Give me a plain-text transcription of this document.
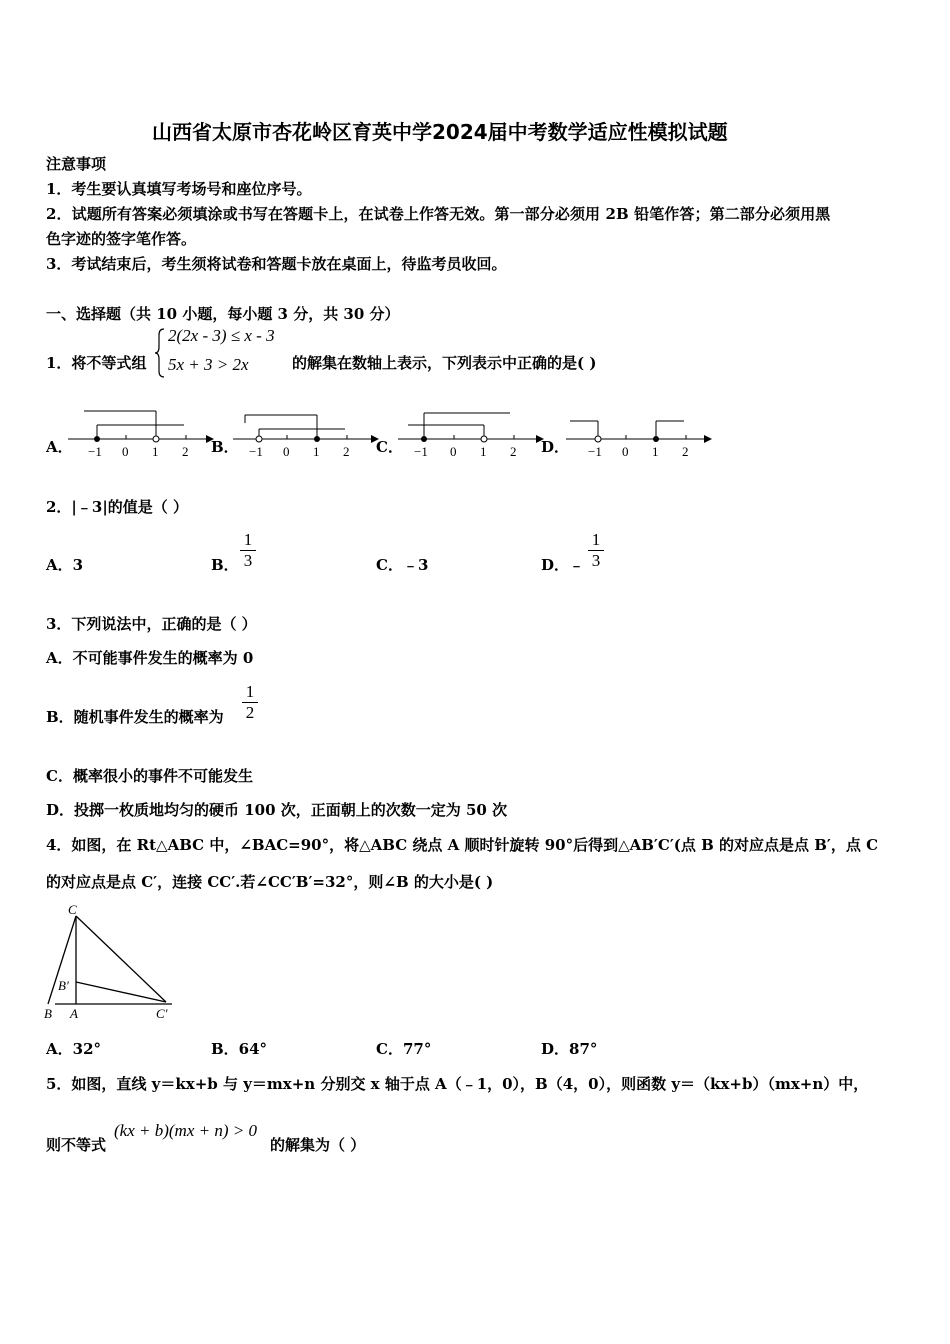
山西省太原市杏花岭区育英中学2024届中考数学适应性模拟试题
注意事项
1．考生要认真填写考场号和座位序号。
2．试题所有答案必须填涂或书写在答题卡上，在试卷上作答无效。第一部分必须用 2B 铅笔作答；第二部分必须用黑
色字迹的签字笔作答。
3．考试结束后，考生须将试卷和答题卡放在桌面上，待监考员收回。
一、选择题（共 10 小题，每小题 3 分，共 30 分）
1．将不等式组
2(2x - 3) ≤ x - 3
5x + 3 > 2x	的解集在数轴上表示，下列表示中正确的是( )
A． −1 0 1 2 B． −1 0 1 2 C． −1 0 1 2 D． −1 0 1 2
2．|﹣3|的值是（ ）
A．3	B．
1
3	C．﹣3	D．﹣
1
3
3．下列说法中，正确的是（ ）
A．不可能事件发生的概率为 0
B．随机事件发生的概率为
1
2
C．概率很小的事件不可能发生
D．投掷一枚质地均匀的硬币 100 次，正面朝上的次数一定为 50 次
4．如图，在 Rt△ABC 中，∠BAC=90°，将△ABC 绕点 A 顺时针旋转 90°后得到△AB′C′(点 B 的对应点是点 B′，点 C
的对应点是点 C′，连接 CC′.若∠CC′B′=32°，则∠B 的大小是( )
C
B′
B A	C′
A．32°	B．64°	C．77°	D．87°
5．如图，直线 y＝kx+b 与 y＝mx+n 分别交 x 轴于点 A（﹣1，0），B（4，0），则函数 y＝（kx+b）（mx+n）中，
则不等式
(kx + b)(mx + n) > 0
的解集为（ ）
